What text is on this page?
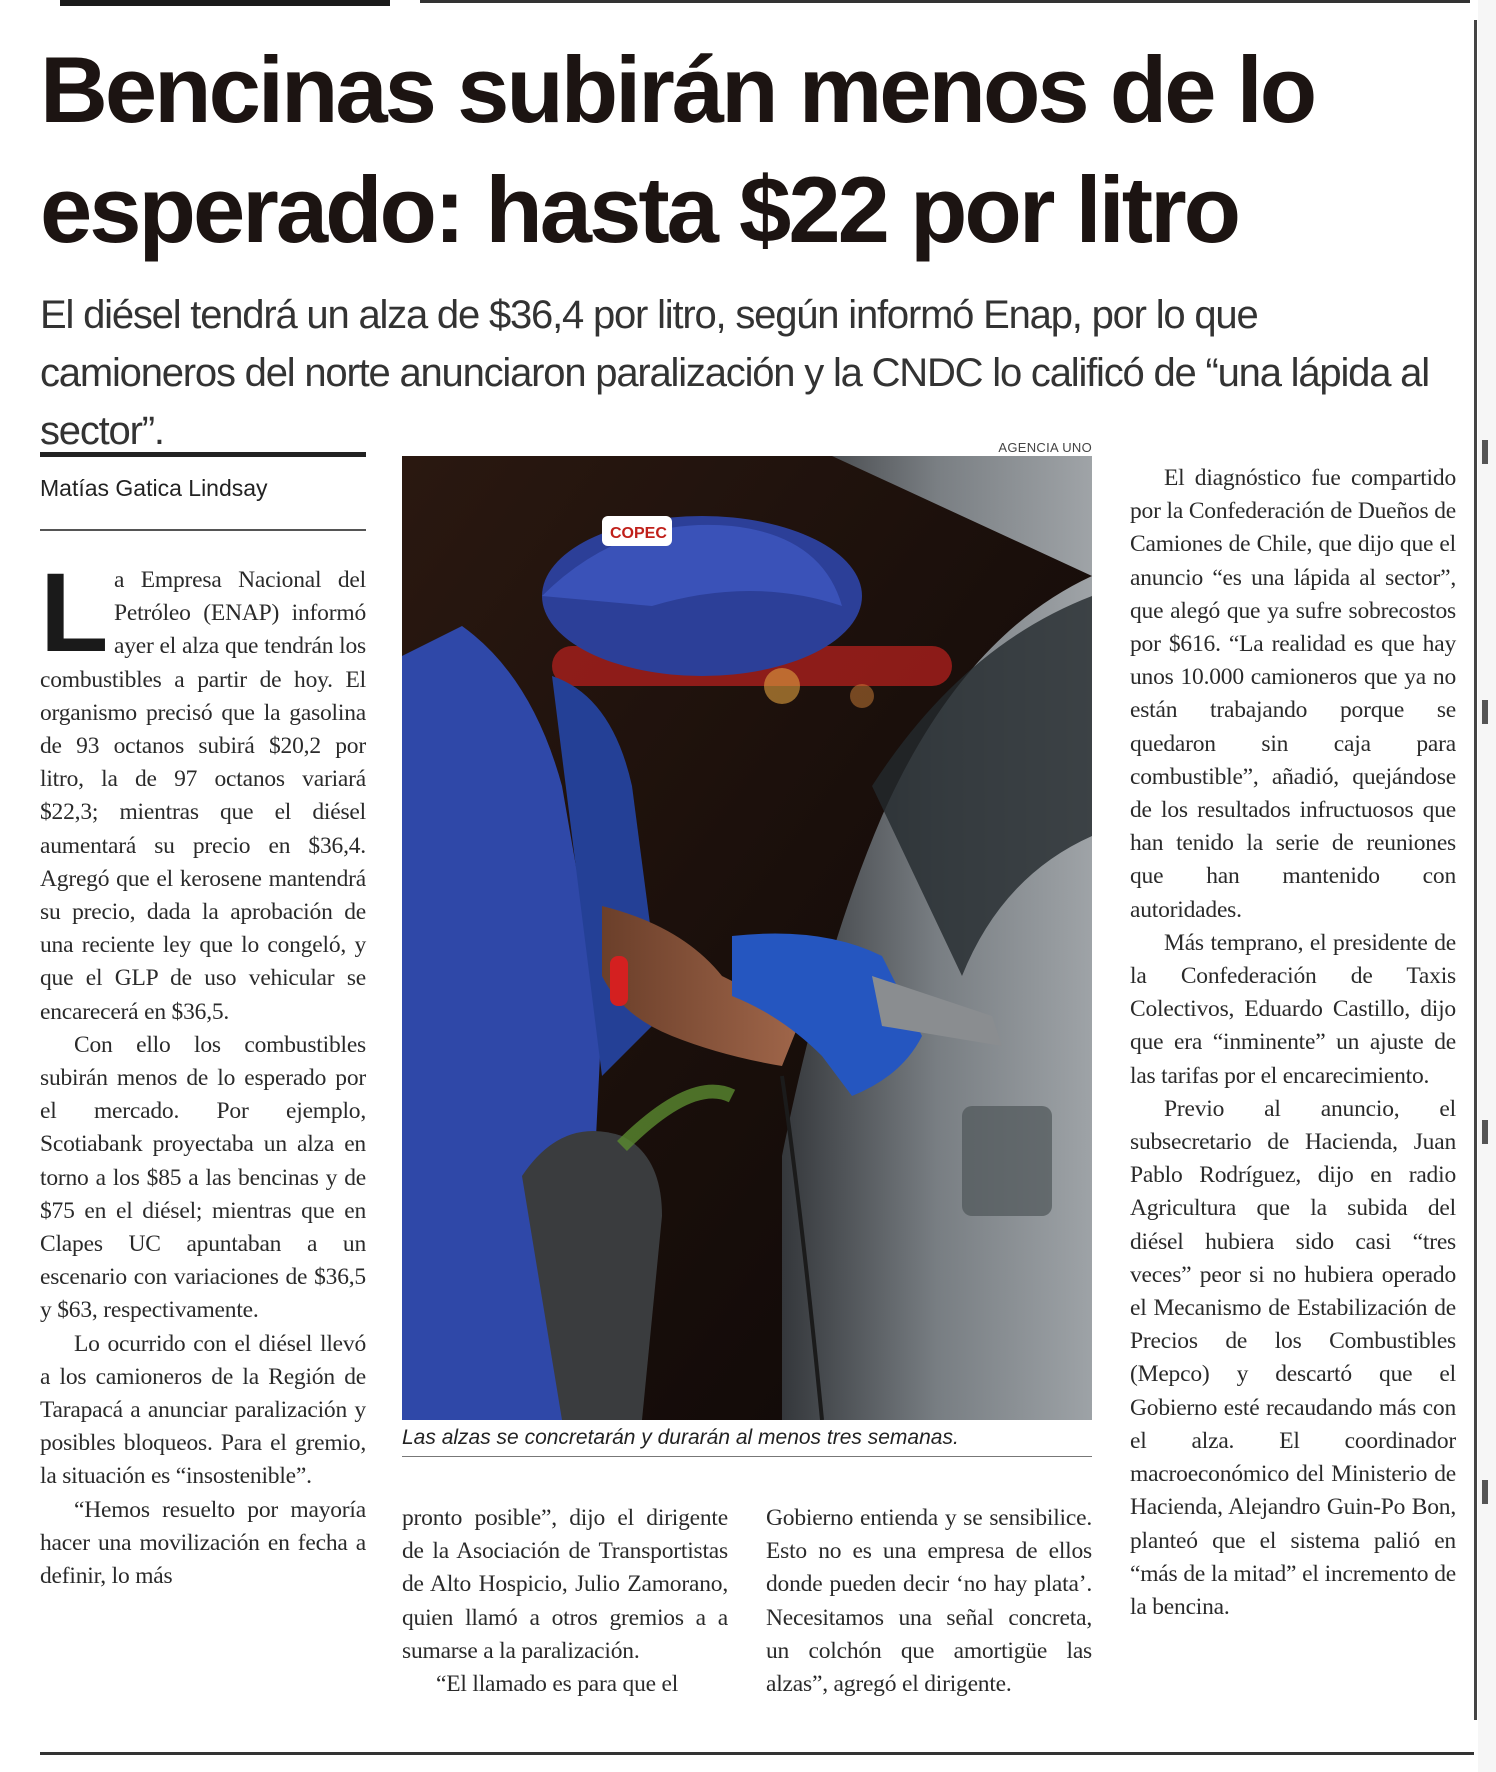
Bencinas subirán menos de lo esperado: hasta $22 por litro

El diésel tendrá un alza de $36,4 por litro, según informó Enap, por lo que camioneros del norte anunciaron paralización y la CNDC lo calificó de “una lápida al sector”.

Matías Gatica Lindsay
L a Empresa Nacional del Petróleo (ENAP) informó ayer el alza que tendrán los combustibles a partir de hoy. El organismo precisó que la gasolina de 93 octanos subirá $20,2 por litro, la de 97 octanos variará $22,3; mientras que el diésel aumentará su precio en $36,4. Agregó que el kerosene mantendrá su precio, dada la aprobación de una reciente ley que lo congeló, y que el GLP de uso vehicular se encarecerá en $36,5.

Con ello los combustibles subirán menos de lo esperado por el mercado. Por ejemplo, Scotiabank proyectaba un alza en torno a los $85 a las bencinas y de $75 en el diésel; mientras que en Clapes UC apuntaban a un escenario con variaciones de $36,5 y $63, respectivamente.

Lo ocurrido con el diésel llevó a los camioneros de la Región de Tarapacá a anunciar paralización y posibles bloqueos. Para el gremio, la situación es “insostenible”.

“Hemos resuelto por mayoría hacer una movilización en fecha a definir, lo más

AGENCIA UNO
COPEC
Las alzas se concretarán y durarán al menos tres semanas.

pronto posible”, dijo el dirigente de la Asociación de Transportistas de Alto Hospicio, Julio Zamorano, quien llamó a otros gremios a a sumarse a la paralización.

“El llamado es para que el

Gobierno entienda y se sensibilice. Esto no es una empresa de ellos donde pueden decir ‘no hay plata’. Necesitamos una señal concreta, un colchón que amortigüe las alzas”, agregó el dirigente.

El diagnóstico fue compartido por la Confederación de Dueños de Camiones de Chile, que dijo que el anuncio “es una lápida al sector”, que alegó que ya sufre sobrecostos por $616. “La realidad es que hay unos 10.000 camioneros que ya no están trabajando porque se quedaron sin caja para combustible”, añadió, quejándose de los resultados infructuosos que han tenido la serie de reuniones que han mantenido con autoridades.

Más temprano, el presidente de la Confederación de Taxis Colectivos, Eduardo Castillo, dijo que era “inminente” un ajuste de las tarifas por el encarecimiento.

Previo al anuncio, el subsecretario de Hacienda, Juan Pablo Rodríguez, dijo en radio Agricultura que la subida del diésel hubiera sido casi “tres veces” peor si no hubiera operado el Mecanismo de Estabilización de Precios de los Combustibles (Mepco) y descartó que el Gobierno esté recaudando más con el alza. El coordinador macroeconómico del Ministerio de Hacienda, Alejandro Guin-Po Bon, planteó que el sistema palió en “más de la mitad” el incremento de la bencina.
